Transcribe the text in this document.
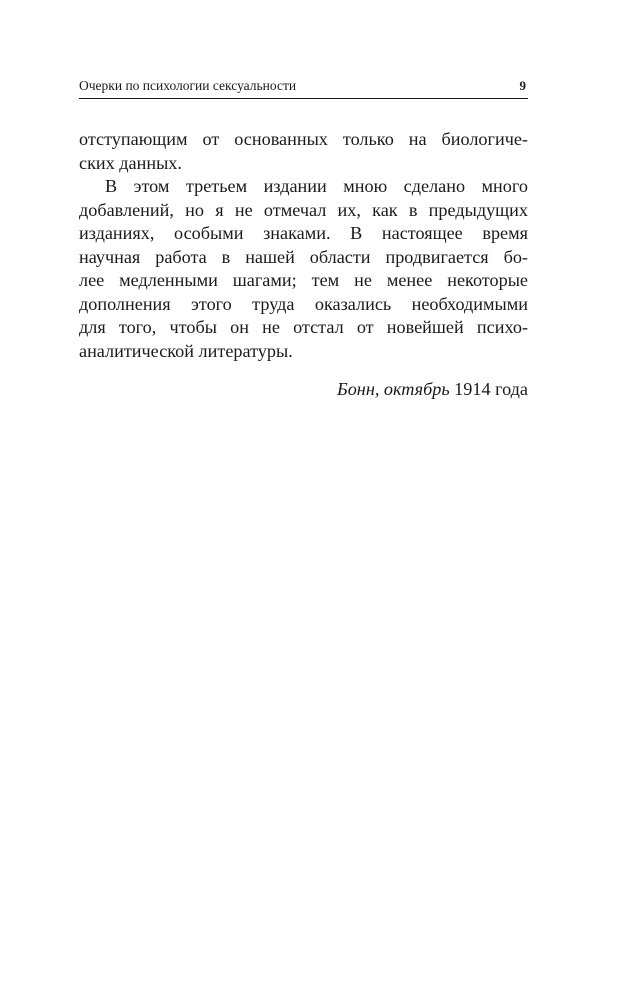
Очерки по психологии сексуальности	9
отступающим от основанных только на биологиче-
ских данных.
В этом третьем издании мною сделано много
добавлений, но я не отмечал их, как в предыдущих
изданиях, особыми знаками. В настоящее время
научная работа в нашей области продвигается бо-
лее медленными шагами; тем не менее некоторые
дополнения этого труда оказались необходимыми
для того, чтобы он не отстал от новейшей психо-
аналитической литературы.
Бонн, октябрь 1914 года
